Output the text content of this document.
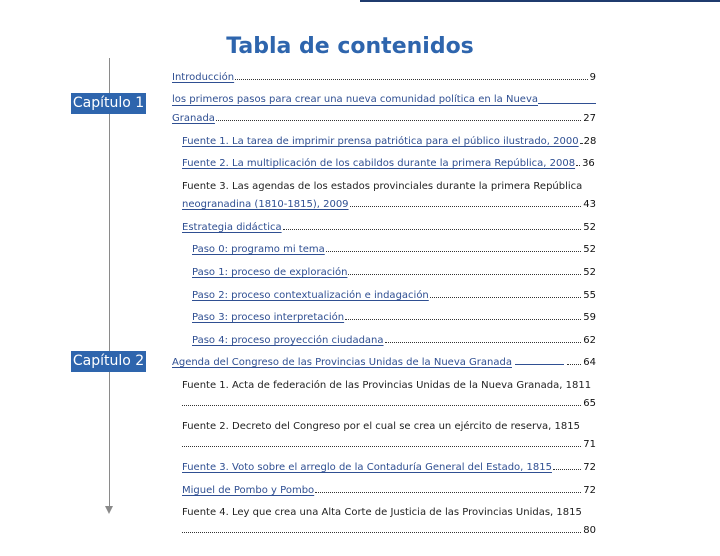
Tabla de contenidos
Capítulo 1
Capítulo 2
Introducción	9
los primeros pasos para crear una nueva comunidad política en la Nueva
Granada	27
Fuente 1. La tarea de imprimir prensa patriótica para el público ilustrado, 2000 28
Fuente 2. La multiplicación de los cabildos durante la primera República, 2008 36
Fuente 3. Las agendas de los estados provinciales durante la primera República
neogranadina (1810-1815), 2009	43
Estrategia didáctica	52
Paso 0: programo mi tema	52
Paso 1: proceso de exploración	52
Paso 2: proceso contextualización e indagación	55
Paso 3: proceso interpretación	59
Paso 4: proceso proyección ciudadana	62
Agenda del Congreso de las Provincias Unidas de la Nueva Granada	64
Fuente 1. Acta de federación de las Provincias Unidas de la Nueva Granada, 1811
65
Fuente 2. Decreto del Congreso por el cual se crea un ejército de reserva, 1815
71
Fuente 3. Voto sobre el arreglo de la Contaduría General del Estado, 1815	72
Miguel de Pombo y Pombo	72
Fuente 4. Ley que crea una Alta Corte de Justicia de las Provincias Unidas, 1815
80
